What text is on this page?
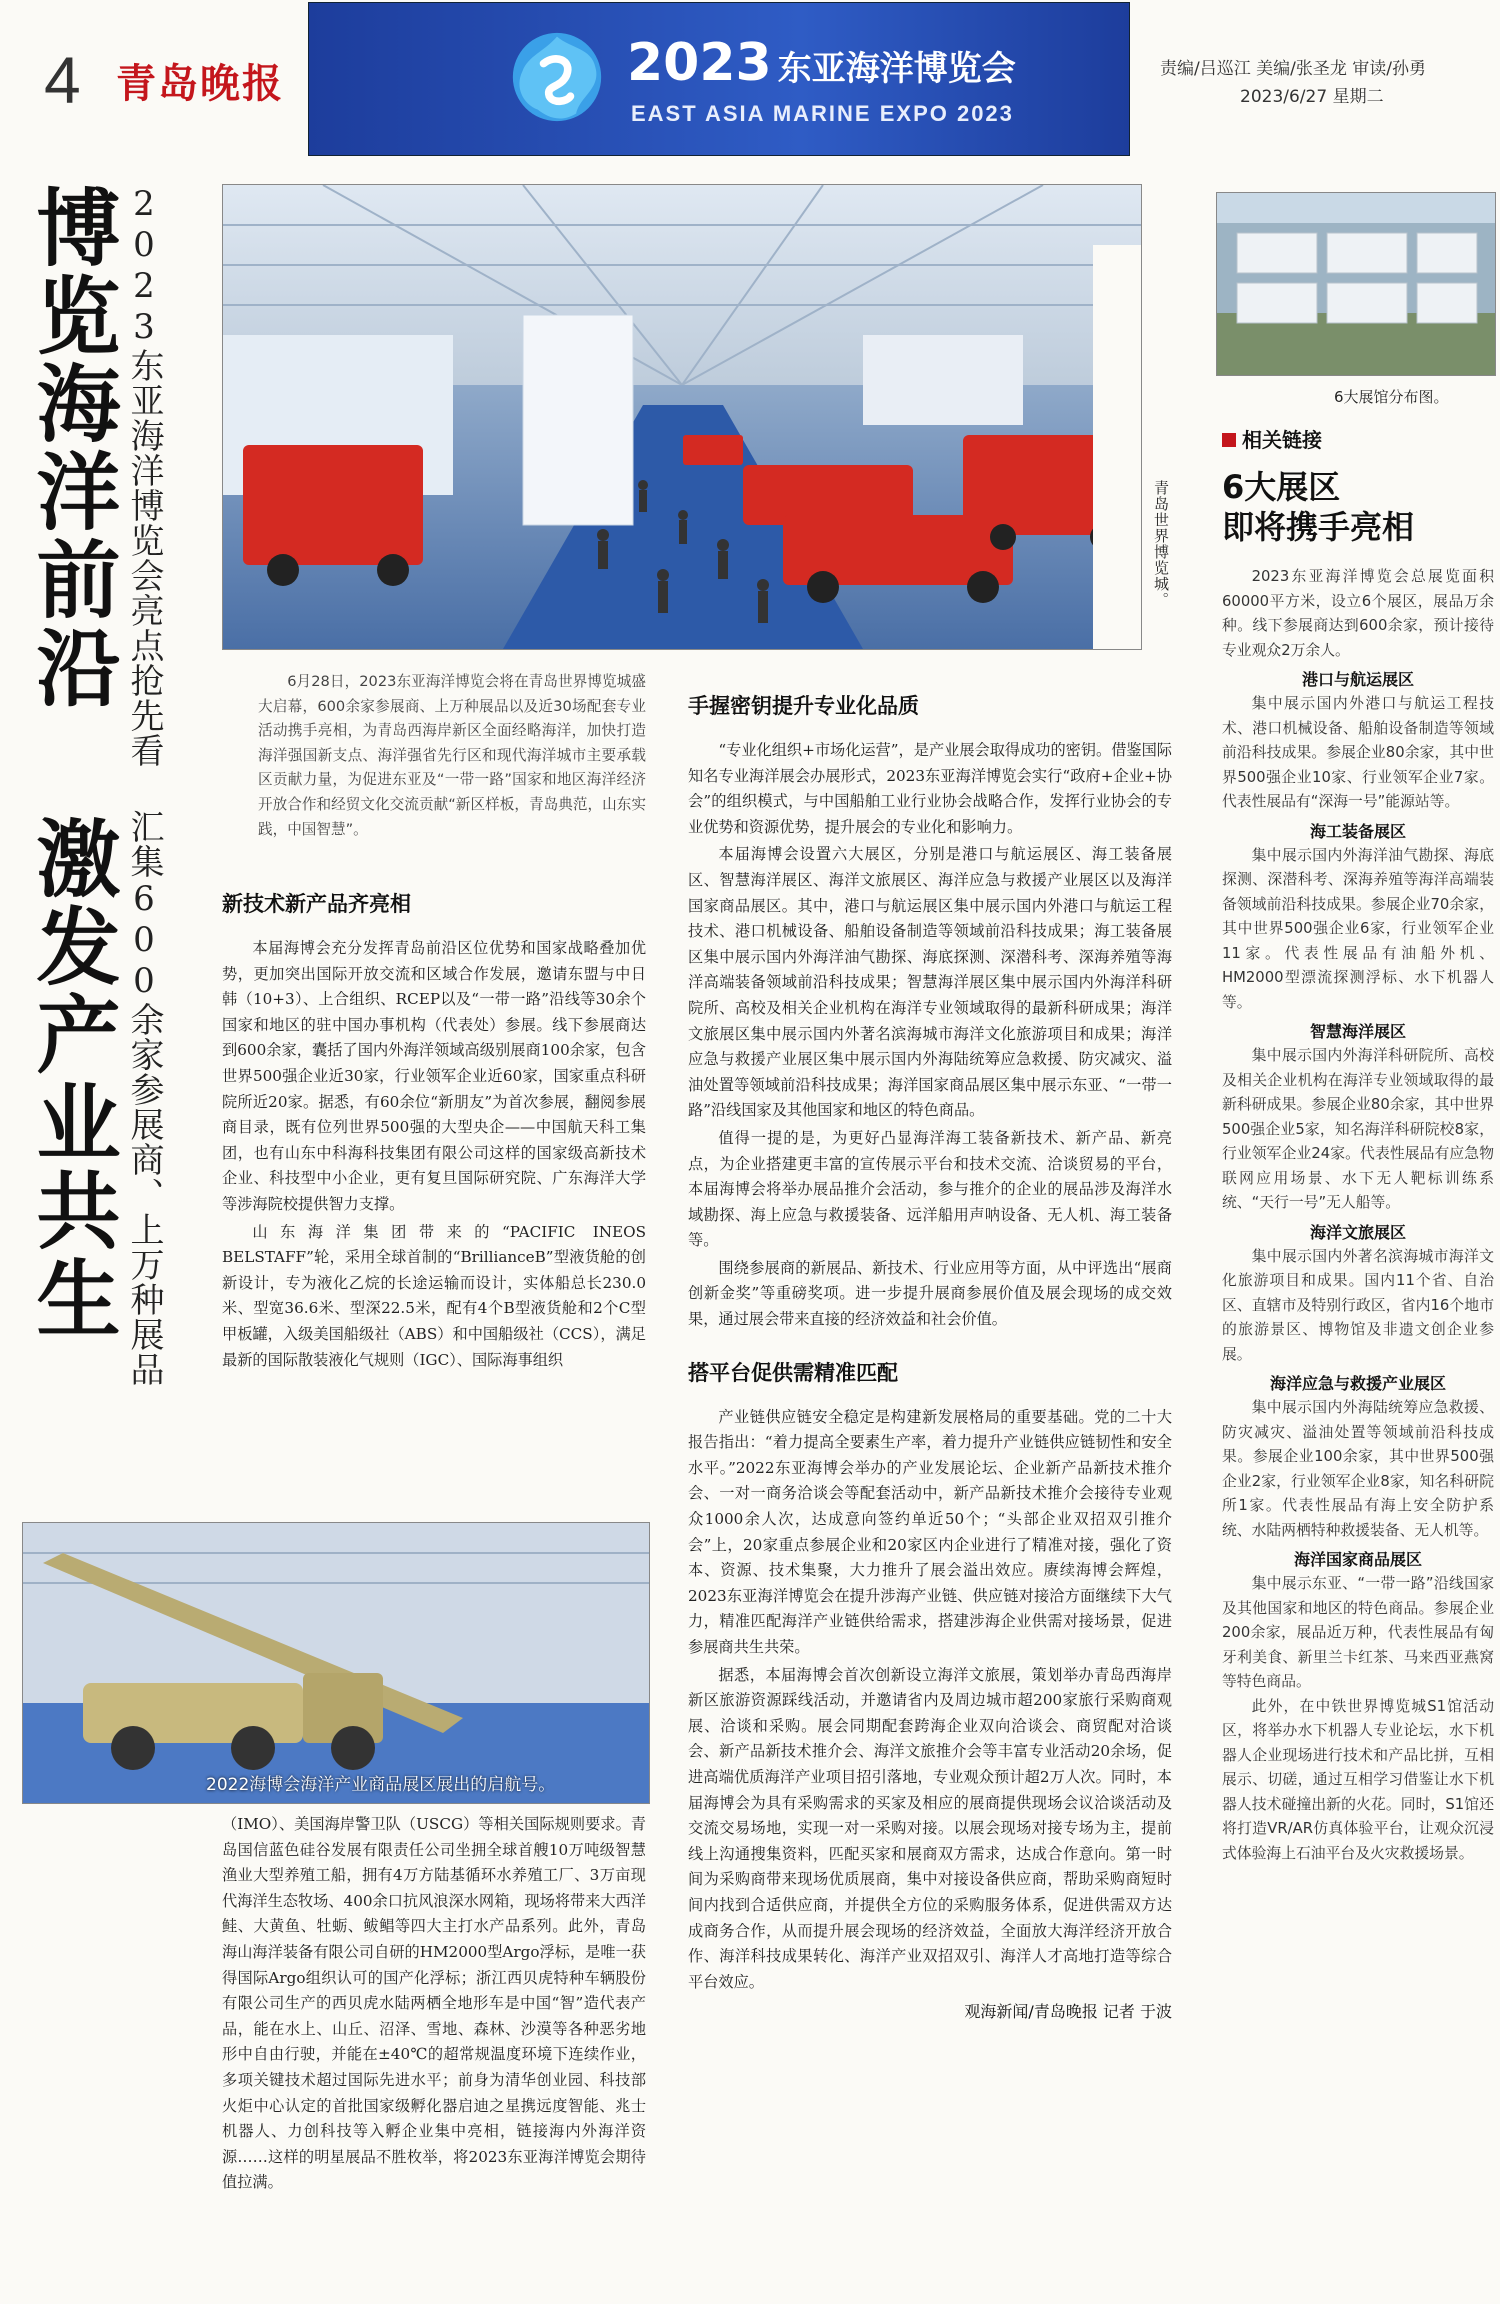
4 青岛晚报	2023 东亚海洋博览会
EAST ASIA MARINE EXPO 2023
责编/吕巡江 美编/张圣龙 审读/孙勇
2023/6/27 星期二
博览海洋前沿 激发产业共生 2023东亚海洋博览会亮点抢先看 汇集600余家参展商、上万种展品	青岛世界博览城。
6大展馆分布图。
2022海博会海洋产业商品展区展出的启航号。

6月28日，2023东亚海洋博览会将在青岛世界博览城盛大启幕，600余家参展商、上万种展品以及近30场配套专业活动携手亮相，为青岛西海岸新区全面经略海洋，加快打造海洋强国新支点、海洋强省先行区和现代海洋城市主要承载区贡献力量，为促进东亚及“一带一路”国家和地区海洋经济开放合作和经贸文化交流贡献“新区样板，青岛典范，山东实践，中国智慧”。

新技术新产品齐亮相

本届海博会充分发挥青岛前沿区位优势和国家战略叠加优势，更加突出国际开放交流和区域合作发展，邀请东盟与中日韩（10+3）、上合组织、RCEP以及“一带一路”沿线等30余个国家和地区的驻中国办事机构（代表处）参展。线下参展商达到600余家，囊括了国内外海洋领域高级别展商100余家，包含世界500强企业近30家，行业领军企业近60家，国家重点科研院所近20家。据悉，有60余位“新朋友”为首次参展，翻阅参展商目录，既有位列世界500强的大型央企——中国航天科工集团，也有山东中科海科技集团有限公司这样的国家级高新技术企业、科技型中小企业，更有复旦国际研究院、广东海洋大学等涉海院校提供智力支撑。

山东海洋集团带来的“PACIFIC INEOS BELSTAFF”轮，采用全球首制的“BrillianceB”型液货舱的创新设计，专为液化乙烷的长途运输而设计，实体船总长230.0米、型宽36.6米、型深22.5米，配有4个B型液货舱和2个C型甲板罐，入级美国船级社（ABS）和中国船级社（CCS），满足最新的国际散装液化气规则（IGC）、国际海事组织

（IMO）、美国海岸警卫队（USCG）等相关国际规则要求。青岛国信蓝色硅谷发展有限责任公司坐拥全球首艘10万吨级智慧渔业大型养殖工船，拥有4万方陆基循环水养殖工厂、3万亩现代海洋生态牧场、400余口抗风浪深水网箱，现场将带来大西洋鲑、大黄鱼、牡蛎、鲅鲳等四大主打水产品系列。此外，青岛海山海洋装备有限公司自研的HM2000型Argo浮标，是唯一获得国际Argo组织认可的国产化浮标；浙江西贝虎特种车辆股份有限公司生产的西贝虎水陆两栖全地形车是中国“智”造代表产品，能在水上、山丘、沼泽、雪地、森林、沙漠等各种恶劣地形中自由行驶，并能在±40℃的超常规温度环境下连续作业，多项关键技术超过国际先进水平；前身为清华创业园、科技部火炬中心认定的首批国家级孵化器启迪之星携远度智能、兆士机器人、力创科技等入孵企业集中亮相，链接海内外海洋资源……这样的明星展品不胜枚举，将2023东亚海洋博览会期待值拉满。

手握密钥提升专业化品质

“专业化组织+市场化运营”，是产业展会取得成功的密钥。借鉴国际知名专业海洋展会办展形式，2023东亚海洋博览会实行“政府+企业+协会”的组织模式，与中国船舶工业行业协会战略合作，发挥行业协会的专业优势和资源优势，提升展会的专业化和影响力。

本届海博会设置六大展区，分别是港口与航运展区、海工装备展区、智慧海洋展区、海洋文旅展区、海洋应急与救援产业展区以及海洋国家商品展区。其中，港口与航运展区集中展示国内外港口与航运工程技术、港口机械设备、船舶设备制造等领域前沿科技成果；海工装备展区集中展示国内外海洋油气勘探、海底探测、深潜科考、深海养殖等海洋高端装备领域前沿科技成果；智慧海洋展区集中展示国内外海洋科研院所、高校及相关企业机构在海洋专业领域取得的最新科研成果；海洋文旅展区集中展示国内外著名滨海城市海洋文化旅游项目和成果；海洋应急与救援产业展区集中展示国内外海陆统筹应急救援、防灾减灾、溢油处置等领域前沿科技成果；海洋国家商品展区集中展示东亚、“一带一路”沿线国家及其他国家和地区的特色商品。

值得一提的是，为更好凸显海洋海工装备新技术、新产品、新亮点，为企业搭建更丰富的宣传展示平台和技术交流、洽谈贸易的平台，本届海博会将举办展品推介会活动，参与推介的企业的展品涉及海洋水域勘探、海上应急与救援装备、远洋船用声呐设备、无人机、海工装备等。

围绕参展商的新展品、新技术、行业应用等方面，从中评选出“展商创新金奖”等重磅奖项。进一步提升展商参展价值及展会现场的成交效果，通过展会带来直接的经济效益和社会价值。

搭平台促供需精准匹配

产业链供应链安全稳定是构建新发展格局的重要基础。党的二十大报告指出：“着力提高全要素生产率，着力提升产业链供应链韧性和安全水平。”2022东亚海博会举办的产业发展论坛、企业新产品新技术推介会、一对一商务洽谈会等配套活动中，新产品新技术推介会接待专业观众1000余人次，达成意向签约单近50个；“头部企业双招双引推介会”上，20家重点参展企业和20家区内企业进行了精准对接，强化了资本、资源、技术集聚，大力推升了展会溢出效应。赓续海博会辉煌，2023东亚海洋博览会在提升涉海产业链、供应链对接洽方面继续下大气力，精准匹配海洋产业链供给需求，搭建涉海企业供需对接场景，促进参展商共生共荣。

据悉，本届海博会首次创新设立海洋文旅展，策划举办青岛西海岸新区旅游资源踩线活动，并邀请省内及周边城市超200家旅行采购商观展、洽谈和采购。展会同期配套跨海企业双向洽谈会、商贸配对洽谈会、新产品新技术推介会、海洋文旅推介会等丰富专业活动20余场，促进高端优质海洋产业项目招引落地，专业观众预计超2万人次。同时，本届海博会为具有采购需求的买家及相应的展商提供现场会议洽谈活动及交流交易场地，实现一对一采购对接。以展会现场对接专场为主，提前线上沟通搜集资料，匹配买家和展商双方需求，达成合作意向。第一时间为采购商带来现场优质展商，集中对接设备供应商，帮助采购商短时间内找到合适供应商，并提供全方位的采购服务体系，促进供需双方达成商务合作，从而提升展会现场的经济效益，全面放大海洋经济开放合作、海洋科技成果转化、海洋产业双招双引、海洋人才高地打造等综合平台效应。

观海新闻/青岛晚报 记者 于波
相关链接
6大展区
即将携手亮相

2023东亚海洋博览会总展览面积60000平方米，设立6个展区，展品万余种。线下参展商达到600余家，预计接待专业观众2万余人。

港口与航运展区

集中展示国内外港口与航运工程技术、港口机械设备、船舶设备制造等领域前沿科技成果。参展企业80余家，其中世界500强企业10家、行业领军企业7家。代表性展品有“深海一号”能源站等。

海工装备展区

集中展示国内外海洋油气勘探、海底探测、深潜科考、深海养殖等海洋高端装备领域前沿科技成果。参展企业70余家，其中世界500强企业6家，行业领军企业11家。代表性展品有油船外机、HM2000型漂流探测浮标、水下机器人等。

智慧海洋展区

集中展示国内外海洋科研院所、高校及相关企业机构在海洋专业领域取得的最新科研成果。参展企业80余家，其中世界500强企业5家，知名海洋科研院校8家，行业领军企业24家。代表性展品有应急物联网应用场景、水下无人靶标训练系统、“天行一号”无人船等。

海洋文旅展区

集中展示国内外著名滨海城市海洋文化旅游项目和成果。国内11个省、自治区、直辖市及特别行政区，省内16个地市的旅游景区、博物馆及非遗文创企业参展。

海洋应急与救援产业展区

集中展示国内外海陆统筹应急救援、防灾减灾、溢油处置等领域前沿科技成果。参展企业100余家，其中世界500强企业2家，行业领军企业8家，知名科研院所1家。代表性展品有海上安全防护系统、水陆两栖特种救援装备、无人机等。

海洋国家商品展区

集中展示东亚、“一带一路”沿线国家及其他国家和地区的特色商品。参展企业200余家，展品近万种，代表性展品有匈牙利美食、新里兰卡红茶、马来西亚燕窝等特色商品。

此外，在中铁世界博览城S1馆活动区，将举办水下机器人专业论坛，水下机器人企业现场进行技术和产品比拼，互相展示、切磋，通过互相学习借鉴让水下机器人技术碰撞出新的火花。同时，S1馆还将打造VR/AR仿真体验平台，让观众沉浸式体验海上石油平台及火灾救援场景。
